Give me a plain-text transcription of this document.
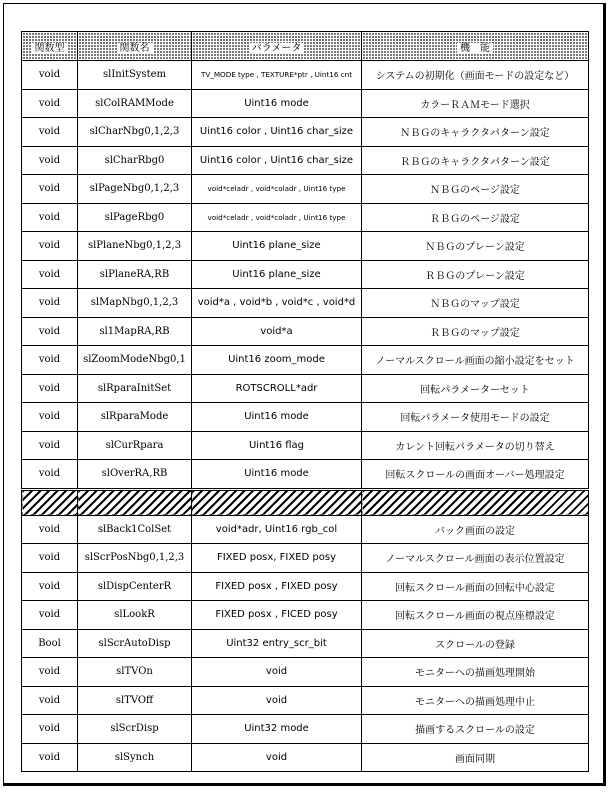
関数型	関数名	パラメータ	機　能
void	slInitSystem	TV_MODE type , TEXTURE*ptr , Uint16 cnt	システムの初期化（画面モードの設定など）
void	slColRAMMode	Uint16 mode	カラーＲＡＭモード選択
void	slCharNbg0,1,2,3	Uint16 color , Uint16 char_size	ＮＢＧのキャラクタパターン設定
void	slCharRbg0	Uint16 color , Uint16 char_size	ＲＢＧのキャラクタパターン設定
void	slPageNbg0,1,2,3	void*celadr , void*coladr , Uint16 type	ＮＢＧのページ設定
void	slPageRbg0	void*celadr , void*coladr , Uint16 type	ＲＢＧのページ設定
void	slPlaneNbg0,1,2,3	Uint16 plane_size	ＮＢＧのプレーン設定
void	slPlaneRA,RB	Uint16 plane_size	ＲＢＧのプレーン設定
void	slMapNbg0,1,2,3	void*a , void*b , void*c , void*d	ＮＢＧのマップ設定
void	sl1MapRA,RB	void*a	ＲＢＧのマップ設定
void	slZoomModeNbg0,1	Uint16 zoom_mode	ノーマルスクロール画面の縮小設定をセット
void	slRparaInitSet	ROTSCROLL*adr	回転パラメーターセット
void	slRparaMode	Uint16 mode	回転パラメータ使用モードの設定
void	slCurRpara	Uint16 flag	カレント回転パラメータの切り替え
void	slOverRA,RB	Uint16 mode	回転スクロールの画面オーバー処理設定

void	slBack1ColSet	void*adr, Uint16 rgb_col	バック画面の設定
void	slScrPosNbg0,1,2,3	FIXED posx, FIXED posy	ノーマルスクロール画面の表示位置設定
void	slDispCenterR	FIXED posx , FIXED posy	回転スクロール画面の回転中心設定
void	slLookR	FIXED posx , FICED posy	回転スクロール画面の視点座標設定
Bool	slScrAutoDisp	Uint32 entry_scr_bit	スクロールの登録
void	slTVOn	void	モニターへの描画処理開始
void	slTVOff	void	モニターへの描画処理中止
void	slScrDisp	Uint32 mode	描画するスクロールの設定
void	slSynch	void	画面同期
